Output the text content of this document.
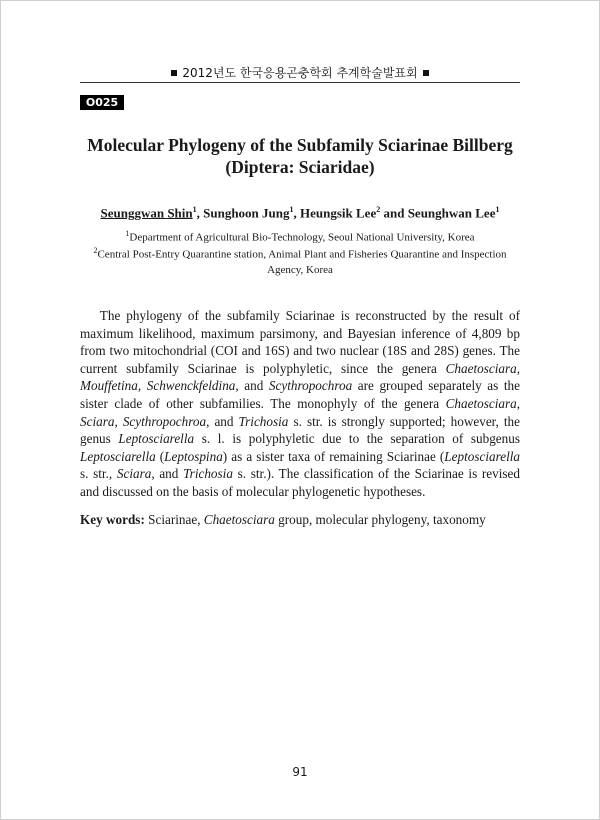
2012년도 한국응용곤충학회 추계학술발표회
O025
Molecular Phylogeny of the Subfamily Sciarinae Billberg
(Diptera: Sciaridae)
Seunggwan Shin$^1$, Sunghoon Jung$^1$, Heungsik Lee$^2$ and Seunghwan Lee$^1$
$^1$Department of Agricultural Bio-Technology, Seoul National University, Korea
$^2$Central Post-Entry Quarantine station, Animal Plant and Fisheries Quarantine and Inspection
Agency, Korea
The phylogeny of the subfamily Sciarinae is reconstructed by the result of maximum likelihood, maximum parsimony, and Bayesian inference of 4,809 bp from two mitochondrial (COI and 16S) and two nuclear (18S and 28S) genes. The current subfamily Sciarinae is polyphyletic, since the genera Chaetosciara, Mouffetina, Schwenckfeldina, and Scythropochroa are grouped separately as the sister clade of other subfamilies. The monophyly of the genera Chaetosciara, Sciara, Scythropochroa, and Trichosia s. str. is strongly supported; however, the genus Leptosciarella s. l. is polyphyletic due to the separation of subgenus Leptosciarella (Leptospina) as a sister taxa of remaining Sciarinae (Leptosciarella s. str., Sciara, and Trichosia s. str.). The classification of the Sciarinae is revised and discussed on the basis of molecular phylogenetic hypotheses.
Key words: Sciarinae, Chaetosciara group, molecular phylogeny, taxonomy
91
